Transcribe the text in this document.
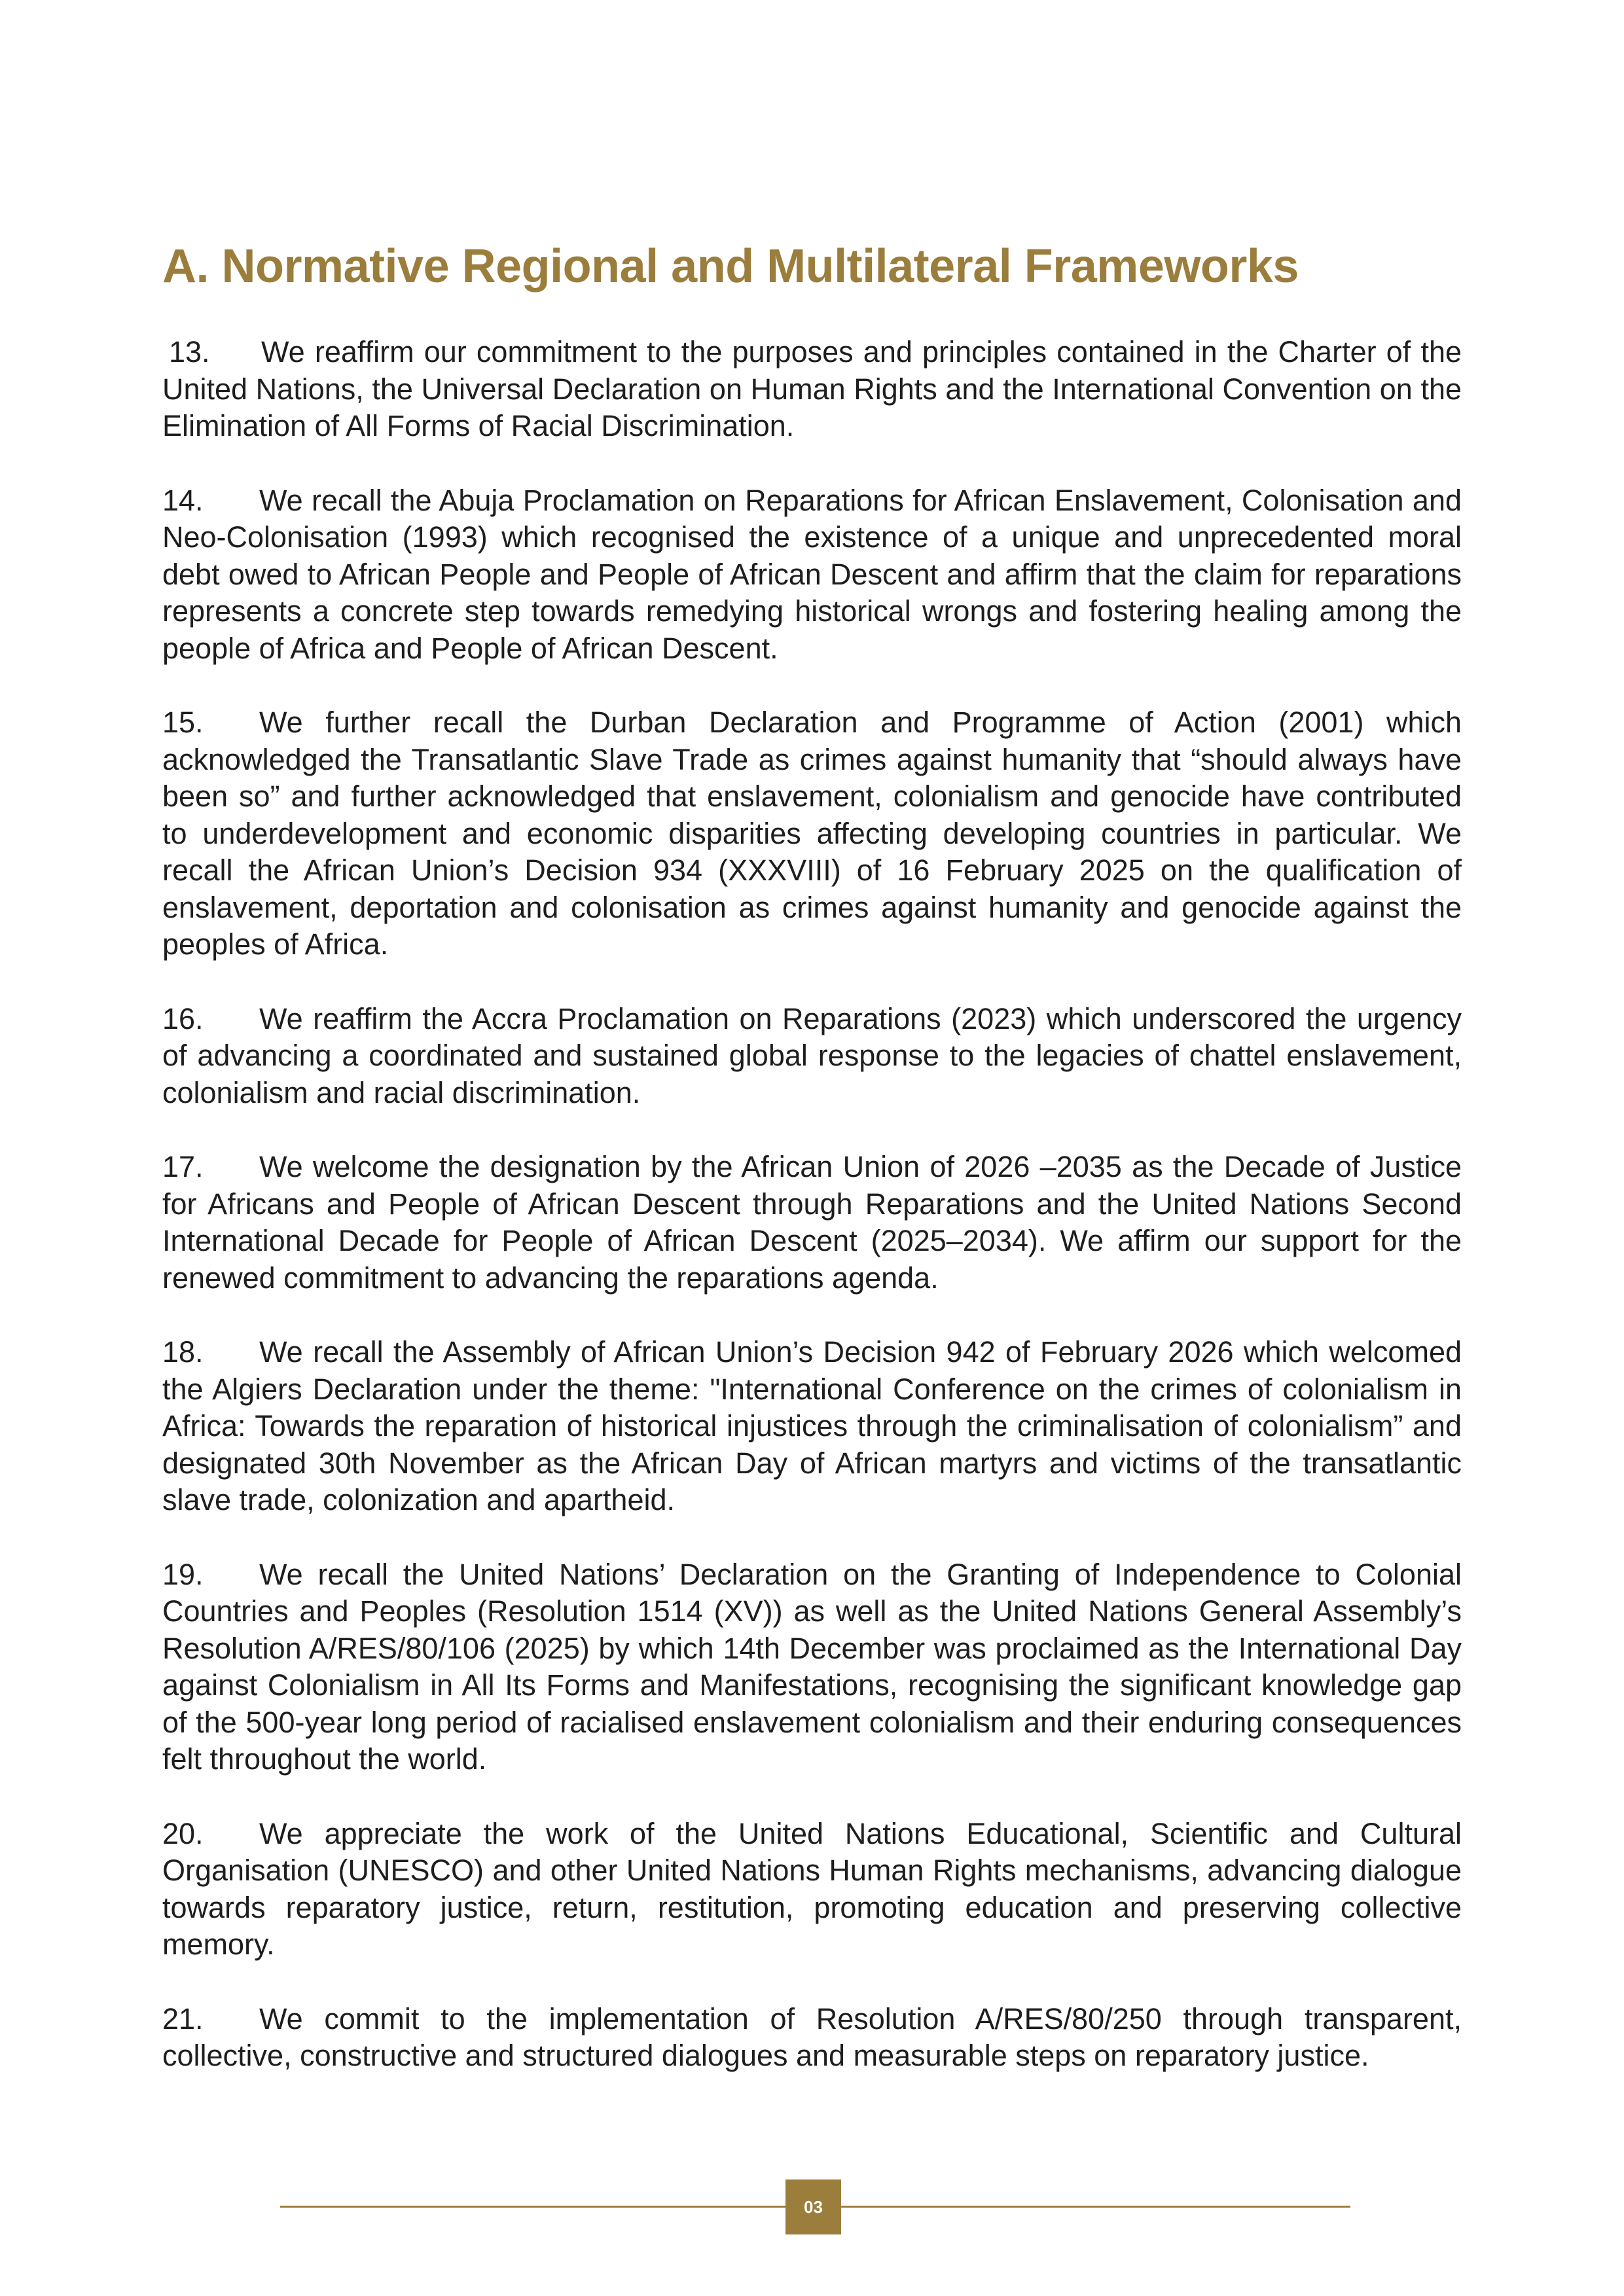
A. Normative Regional and Multilateral Frameworks

13. We reaffirm our commitment to the purposes and principles contained in the Charter of the United Nations, the Universal Declaration on Human Rights and the International Convention on the Elimination of All Forms of Racial Discrimination.

14. We recall the Abuja Proclamation on Reparations for African Enslavement, Colonisation and Neo-Colonisation (1993) which recognised the existence of a unique and unprecedented moral debt owed to African People and People of African Descent and affirm that the claim for reparations represents a concrete step towards remedying historical wrongs and fostering healing among the people of Africa and People of African Descent.

15. We further recall the Durban Declaration and Programme of Action (2001) which acknowledged the Transatlantic Slave Trade as crimes against humanity that “should always have been so” and further acknowledged that enslavement, colonialism and genocide have contributed to underdevelopment and economic disparities affecting developing countries in particular. We recall the African Union’s Decision 934 (XXXVIII) of 16 February 2025 on the qualification of enslavement, deportation and colonisation as crimes against humanity and genocide against the peoples of Africa.

16. We reaffirm the Accra Proclamation on Reparations (2023) which underscored the urgency of advancing a coordinated and sustained global response to the legacies of chattel enslavement, colonialism and racial discrimination.

17. We welcome the designation by the African Union of 2026 –2035 as the Decade of Justice for Africans and People of African Descent through Reparations and the United Nations Second International Decade for People of African Descent (2025–2034). We affirm our support for the renewed commitment to advancing the reparations agenda.

18. We recall the Assembly of African Union’s Decision 942 of February 2026 which welcomed the Algiers Declaration under the theme: "International Conference on the crimes of colonialism in Africa: Towards the reparation of historical injustices through the criminalisation of colonialism” and designated 30th November as the African Day of African martyrs and victims of the transatlantic slave trade, colonization and apartheid.

19. We recall the United Nations’ Declaration on the Granting of Independence to Colonial Countries and Peoples (Resolution 1514 (XV)) as well as the United Nations General Assembly’s Resolution A/RES/80/106 (2025) by which 14th December was proclaimed as the International Day against Colonialism in All Its Forms and Manifestations, recognising the significant knowledge gap of the 500-year long period of racialised enslavement colonialism and their enduring consequences felt throughout the world.

20. We appreciate the work of the United Nations Educational, Scientific and Cultural Organisation (UNESCO) and other United Nations Human Rights mechanisms, advancing dialogue towards reparatory justice, return, restitution, promoting education and preserving collective memory.

21. We commit to the implementation of Resolution A/RES/80/250 through transparent, collective, constructive and structured dialogues and measurable steps on reparatory justice.

03
